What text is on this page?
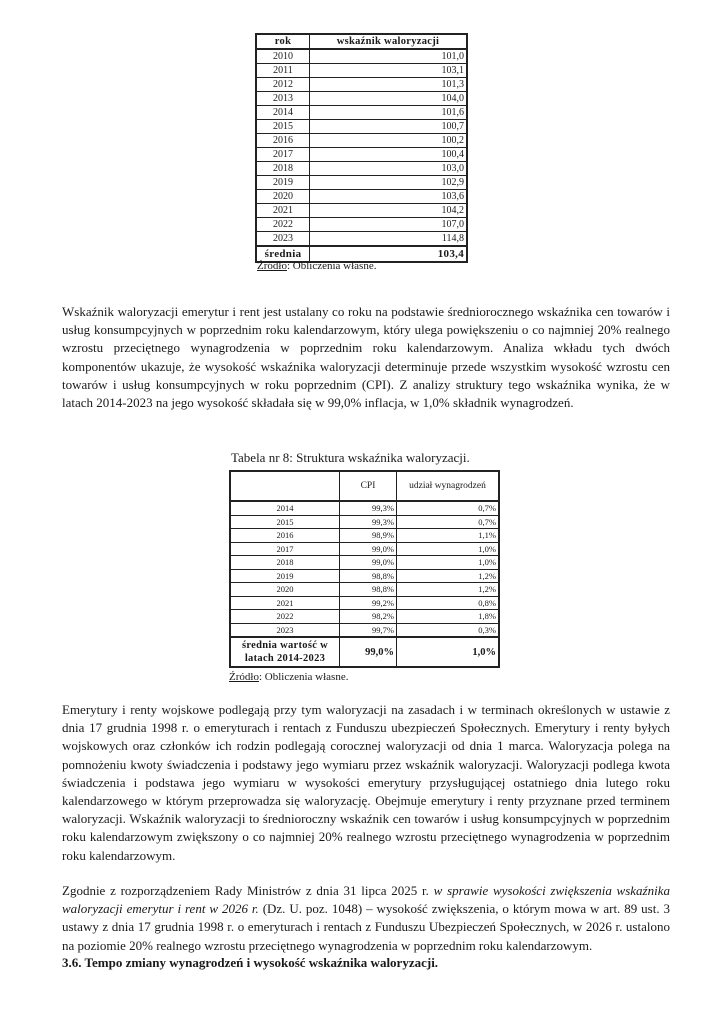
rok	wskaźnik waloryzacji
2010	101,0
2011	103,1
2012	101,3
2013	104,0
2014	101,6
2015	100,7
2016	100,2
2017	100,4
2018	103,0
2019	102,9
2020	103,6
2021	104,2
2022	107,0
2023	114,8
średnia	103,4
Źródło: Obliczenia własne.
Wskaźnik waloryzacji emerytur i rent jest ustalany co roku na podstawie średniorocznego wskaźnika cen towarów i usług konsumpcyjnych w poprzednim roku kalendarzowym, który ulega powiększeniu o co najmniej 20% realnego wzrostu przeciętnego wynagrodzenia w poprzednim roku kalendarzowym. Analiza wkładu tych dwóch komponentów ukazuje, że wysokość wskaźnika waloryzacji determinuje przede wszystkim wysokość wzrostu cen towarów i usług konsumpcyjnych w roku poprzednim (CPI). Z analizy struktury tego wskaźnika wynika, że w latach 2014-2023 na jego wysokość składała się w 99,0% inflacja, w 1,0% składnik wynagrodzeń.
Tabela nr 8: Struktura wskaźnika waloryzacji.
	CPI	udział wynagrodzeń
2014	99,3%	0,7%
2015	99,3%	0,7%
2016	98,9%	1,1%
2017	99,0%	1,0%
2018	99,0%	1,0%
2019	98,8%	1,2%
2020	98,8%	1,2%
2021	99,2%	0,8%
2022	98,2%	1,8%
2023	99,7%	0,3%
średnia wartość w latach 2014-2023	99,0%	1,0%
Źródło: Obliczenia własne.
Emerytury i renty wojskowe podlegają przy tym waloryzacji na zasadach i w terminach określonych w ustawie z dnia 17 grudnia 1998 r. o emeryturach i rentach z Funduszu ubezpieczeń Społecznych. Emerytury i renty byłych wojskowych oraz członków ich rodzin podlegają corocznej waloryzacji od dnia 1 marca. Waloryzacja polega na pomnożeniu kwoty świadczenia i podstawy jego wymiaru przez wskaźnik waloryzacji. Waloryzacji podlega kwota świadczenia i podstawa jego wymiaru w wysokości emerytury przysługującej ostatniego dnia lutego roku kalendarzowego w którym przeprowadza się waloryzację. Obejmuje emerytury i renty przyznane przed terminem waloryzacji. Wskaźnik waloryzacji to średnioroczny wskaźnik cen towarów i usług konsumpcyjnych w poprzednim roku kalendarzowym zwiększony o co najmniej 20% realnego wzrostu przeciętnego wynagrodzenia w poprzednim roku kalendarzowym.
Zgodnie z rozporządzeniem Rady Ministrów z dnia 31 lipca 2025 r. w sprawie wysokości zwiększenia wskaźnika waloryzacji emerytur i rent w 2026 r. (Dz. U. poz. 1048) – wysokość zwiększenia, o którym mowa w art. 89 ust. 3 ustawy z dnia 17 grudnia 1998 r. o emeryturach i rentach z Funduszu Ubezpieczeń Społecznych, w 2026 r. ustalono na poziomie 20% realnego wzrostu przeciętnego wynagrodzenia w poprzednim roku kalendarzowym.
3.6. Tempo zmiany wynagrodzeń i wysokość wskaźnika waloryzacji.
